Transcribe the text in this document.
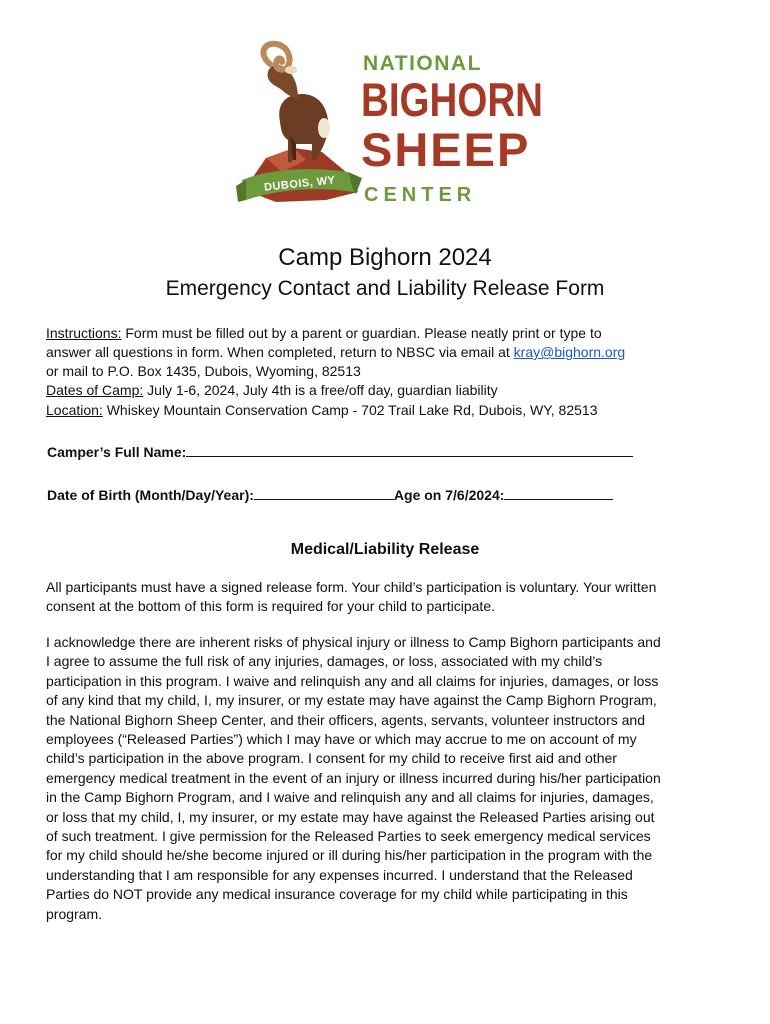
DUBOIS, WY
NATIONAL
BIGHORN
SHEEP
CENTER
Camp Bighorn 2024
Emergency Contact and Liability Release Form
Instructions: Form must be filled out by a parent or guardian. Please neatly print or type to
answer all questions in form. When completed, return to NBSC via email at kray@bighorn.org
or mail to P.O. Box 1435, Dubois, Wyoming, 82513
Dates of Camp: July 1-6, 2024, July 4th is a free/off day, guardian liability
Location: Whiskey Mountain Conservation Camp - 702 Trail Lake Rd, Dubois, WY, 82513
Camper’s Full Name:
Date of Birth (Month/Day/Year):	Age on 7/6/2024:
Medical/Liability Release
All participants must have a signed release form. Your child’s participation is voluntary. Your written
consent at the bottom of this form is required for your child to participate.
I acknowledge there are inherent risks of physical injury or illness to Camp Bighorn participants and
I agree to assume the full risk of any injuries, damages, or loss, associated with my child’s
participation in this program. I waive and relinquish any and all claims for injuries, damages, or loss
of any kind that my child, I, my insurer, or my estate may have against the Camp Bighorn Program,
the National Bighorn Sheep Center, and their officers, agents, servants, volunteer instructors and
employees (“Released Parties”) which I may have or which may accrue to me on account of my
child’s participation in the above program. I consent for my child to receive first aid and other
emergency medical treatment in the event of an injury or illness incurred during his/her participation
in the Camp Bighorn Program, and I waive and relinquish any and all claims for injuries, damages,
or loss that my child, I, my insurer, or my estate may have against the Released Parties arising out
of such treatment. I give permission for the Released Parties to seek emergency medical services
for my child should he/she become injured or ill during his/her participation in the program with the
understanding that I am responsible for any expenses incurred. I understand that the Released
Parties do NOT provide any medical insurance coverage for my child while participating in this
program.
